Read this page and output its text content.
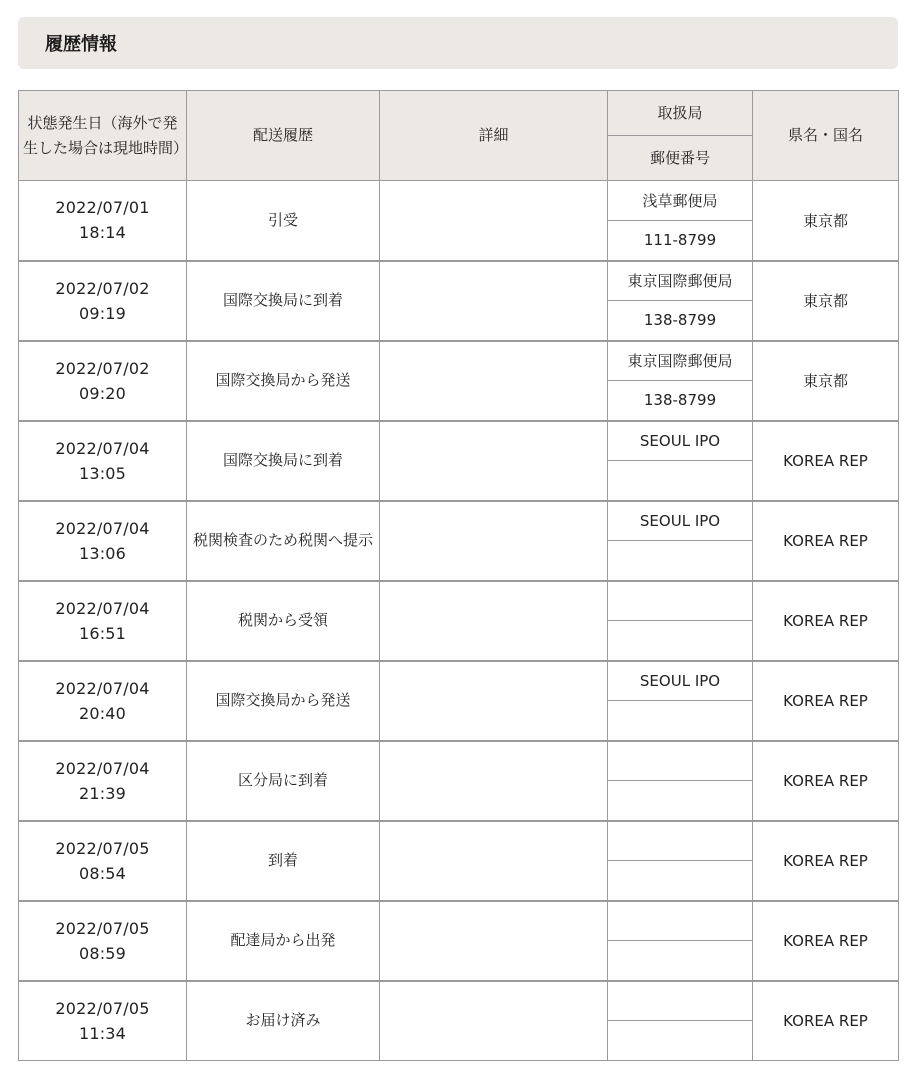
履歴情報
状態発生日（海外で発生した場合は現地時間）	配送履歴	詳細	取扱局	県名・国名
			郵便番号	
2022/07/01
18:14	引受		浅草郵便局	東京都
			111-8799	
2022/07/02
09:19	国際交換局に到着		東京国際郵便局	東京都
			138-8799	
2022/07/02
09:20	国際交換局から発送		東京国際郵便局	東京都
			138-8799	
2022/07/04
13:05	国際交換局に到着		SEOUL IPO	KOREA REP

2022/07/04
13:06	税関検査のため税関へ提示		SEOUL IPO	KOREA REP

2022/07/04
16:51	税関から受領			KOREA REP

2022/07/04
20:40	国際交換局から発送		SEOUL IPO	KOREA REP

2022/07/04
21:39	区分局に到着			KOREA REP

2022/07/05
08:54	到着			KOREA REP

2022/07/05
08:59	配達局から出発			KOREA REP

2022/07/05
11:34	お届け済み			KOREA REP
